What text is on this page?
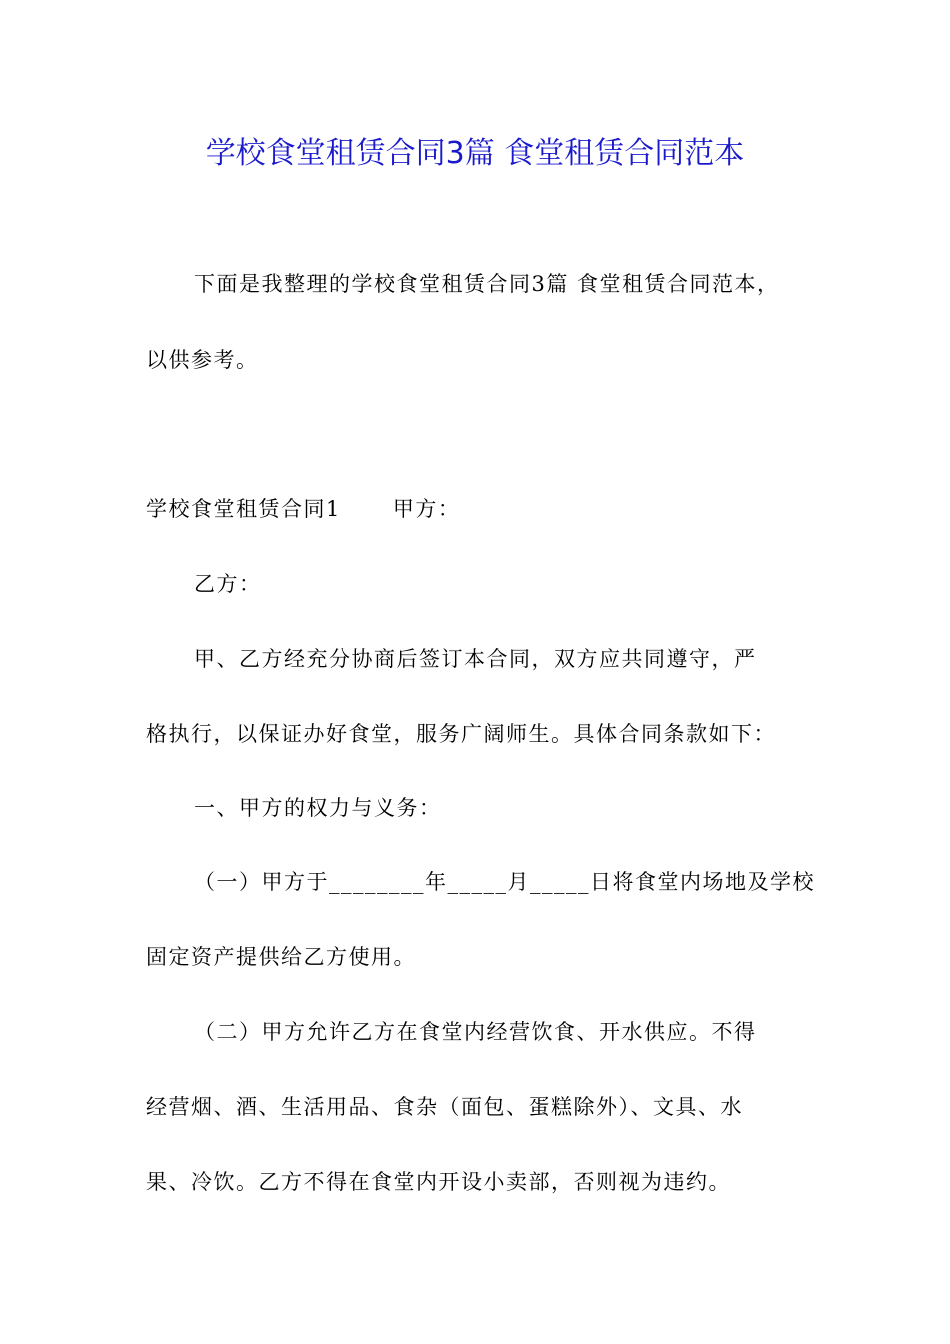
学校食堂租赁合同3篇 食堂租赁合同范本
下面是我整理的学校食堂租赁合同3篇 食堂租赁合同范本，
以供参考。
学校食堂租赁合同1 甲方：
乙方：
甲、乙方经充分协商后签订本合同，双方应共同遵守，严
格执行，以保证办好食堂，服务广阔师生。具体合同条款如下：
一、甲方的权力与义务：
（一）甲方于________年_____月_____日将食堂内场地及学校
固定资产提供给乙方使用。
（二）甲方允许乙方在食堂内经营饮食、开水供应。不得
经营烟、酒、生活用品、食杂（面包、蛋糕除外）、文具、水
果、冷饮。乙方不得在食堂内开设小卖部，否则视为违约。
